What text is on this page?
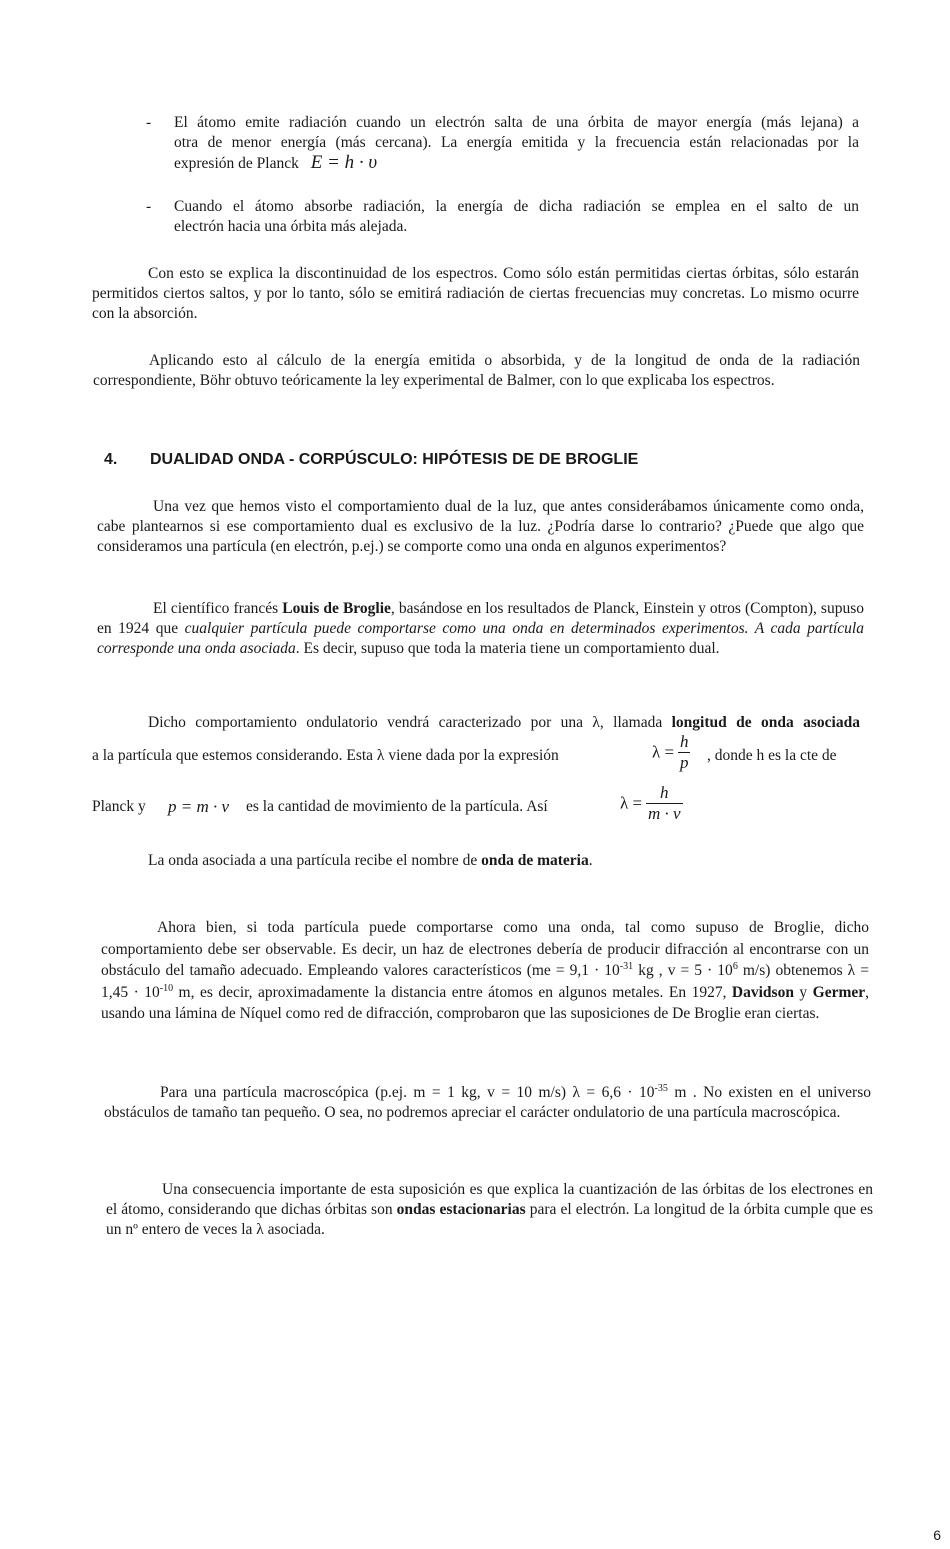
- El átomo emite radiación cuando un electrón salta de una órbita de mayor energía (más lejana) a
otra de menor energía (más cercana). La energía emitida y la frecuencia están relacionadas por la
expresión de Planck E = h · υ
- Cuando el átomo absorbe radiación, la energía de dicha radiación se emplea en el salto de un
electrón hacia una órbita más alejada.

Con esto se explica la discontinuidad de los espectros. Como sólo están permitidas ciertas órbitas, sólo estarán permitidos ciertos saltos, y por lo tanto, sólo se emitirá radiación de ciertas frecuencias muy concretas. Lo mismo ocurre con la absorción.

Aplicando esto al cálculo de la energía emitida o absorbida, y de la longitud de onda de la radiación correspondiente, Böhr obtuvo teóricamente la ley experimental de Balmer, con lo que explicaba los espectros.

4. DUALIDAD ONDA - CORPÚSCULO: HIPÓTESIS DE DE BROGLIE

Una vez que hemos visto el comportamiento dual de la luz, que antes considerábamos únicamente como onda, cabe plantearnos si ese comportamiento dual es exclusivo de la luz. ¿Podría darse lo contrario? ¿Puede que algo que consideramos una partícula (en electrón, p.ej.) se comporte como una onda en algunos experimentos?

El científico francés Louis de Broglie, basándose en los resultados de Planck, Einstein y otros (Compton), supuso en 1924 que cualquier partícula puede comportarse como una onda en determinados experimentos. A cada partícula corresponde una onda asociada. Es decir, supuso que toda la materia tiene un comportamiento dual.

Dicho comportamiento ondulatorio vendrá caracterizado por una λ, llamada longitud de onda asociada
a la partícula que estemos considerando. Esta λ viene dada por la expresión	$\lambda = \frac{h}{p}$ , donde h es la cte de
Planck y p = m · v es la cantidad de movimiento de la partícula. Así	$\lambda = \frac{h}{m \cdot v}$
La onda asociada a una partícula recibe el nombre de onda de materia.

Ahora bien, si toda partícula puede comportarse como una onda, tal como supuso de Broglie, dicho comportamiento debe ser observable. Es decir, un haz de electrones debería de producir difracción al encontrarse con un obstáculo del tamaño adecuado. Empleando valores característicos ($me = 9,1 \cdot 10^{-31}$ kg , $v = 5 \cdot 10^6$ m/s) obtenemos $\lambda = 1,45 \cdot 10^{-10}$ m, es decir, aproximadamente la distancia entre átomos en algunos metales. En 1927, Davidson y Germer, usando una lámina de Níquel como red de difracción, comprobaron que las suposiciones de De Broglie eran ciertas.

Para una partícula macroscópica (p.ej. m = 1 kg, v = 10 m/s) $\lambda = 6,6 \cdot 10^{-35}$ m . No existen en el universo obstáculos de tamaño tan pequeño. O sea, no podremos apreciar el carácter ondulatorio de una partícula macroscópica.

Una consecuencia importante de esta suposición es que explica la cuantización de las órbitas de los electrones en el átomo, considerando que dichas órbitas son ondas estacionarias para el electrón. La longitud de la órbita cumple que es un nº entero de veces la λ asociada.

6
